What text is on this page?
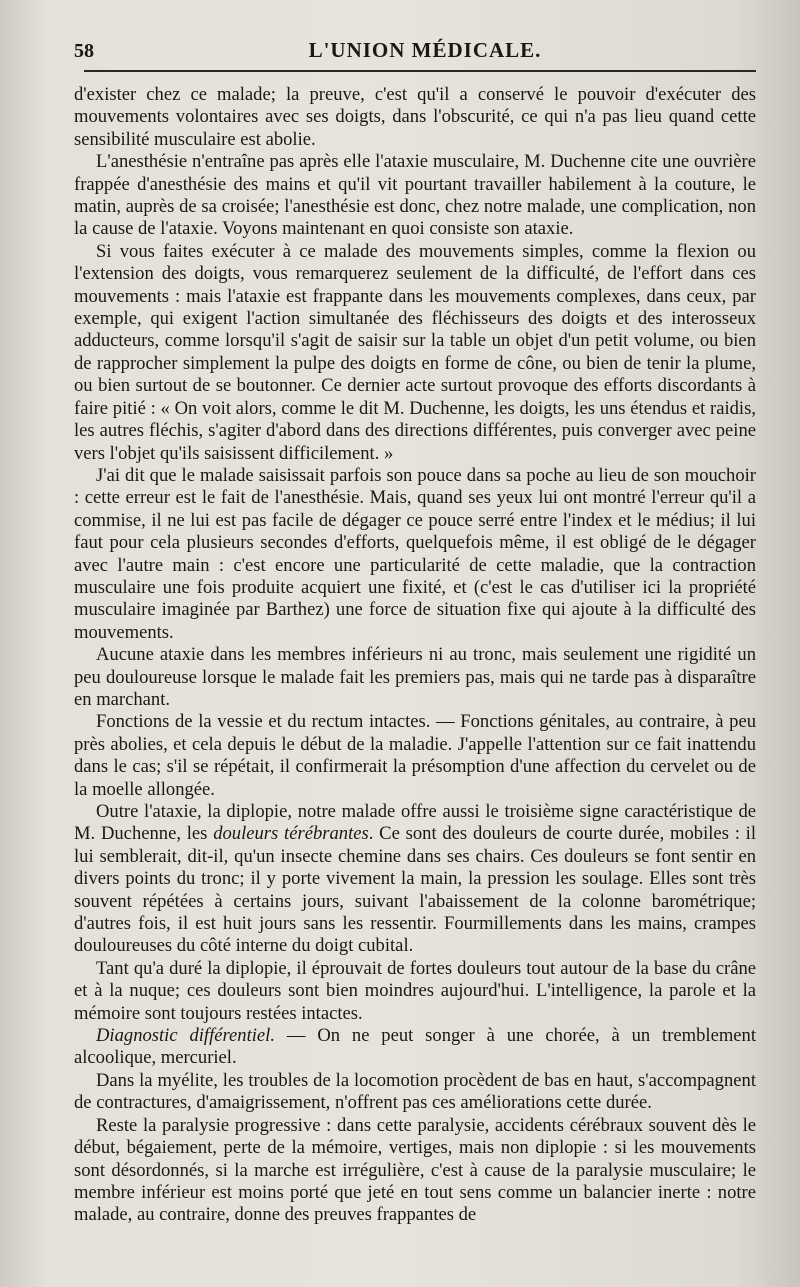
58	L'UNION MÉDICALE.

d'exister chez ce malade; la preuve, c'est qu'il a conservé le pouvoir d'exécuter des mouvements volontaires avec ses doigts, dans l'obscurité, ce qui n'a pas lieu quand cette sensibilité musculaire est abolie.

L'anesthésie n'entraîne pas après elle l'ataxie musculaire, M. Duchenne cite une ouvrière frappée d'anesthésie des mains et qu'il vit pourtant travailler habilement à la couture, le matin, auprès de sa croisée; l'anesthésie est donc, chez notre malade, une complication, non la cause de l'ataxie. Voyons maintenant en quoi consiste son ataxie.

Si vous faites exécuter à ce malade des mouvements simples, comme la flexion ou l'extension des doigts, vous remarquerez seulement de la difficulté, de l'effort dans ces mouvements : mais l'ataxie est frappante dans les mouvements complexes, dans ceux, par exemple, qui exigent l'action simultanée des fléchisseurs des doigts et des interosseux adducteurs, comme lorsqu'il s'agit de saisir sur la table un objet d'un petit volume, ou bien de rapprocher simplement la pulpe des doigts en forme de cône, ou bien de tenir la plume, ou bien surtout de se boutonner. Ce dernier acte surtout provoque des efforts discordants à faire pitié : « On voit alors, comme le dit M. Duchenne, les doigts, les uns étendus et raidis, les autres fléchis, s'agiter d'abord dans des directions différentes, puis converger avec peine vers l'objet qu'ils saisissent difficilement. »

J'ai dit que le malade saisissait parfois son pouce dans sa poche au lieu de son mouchoir : cette erreur est le fait de l'anesthésie. Mais, quand ses yeux lui ont montré l'erreur qu'il a commise, il ne lui est pas facile de dégager ce pouce serré entre l'index et le médius; il lui faut pour cela plusieurs secondes d'efforts, quelquefois même, il est obligé de le dégager avec l'autre main : c'est encore une particularité de cette maladie, que la contraction musculaire une fois produite acquiert une fixité, et (c'est le cas d'utiliser ici la propriété musculaire imaginée par Barthez) une force de situation fixe qui ajoute à la difficulté des mouvements.

Aucune ataxie dans les membres inférieurs ni au tronc, mais seulement une rigidité un peu douloureuse lorsque le malade fait les premiers pas, mais qui ne tarde pas à disparaître en marchant.

Fonctions de la vessie et du rectum intactes. — Fonctions génitales, au contraire, à peu près abolies, et cela depuis le début de la maladie. J'appelle l'attention sur ce fait inattendu dans le cas; s'il se répétait, il confirmerait la présomption d'une affection du cervelet ou de la moelle allongée.

Outre l'ataxie, la diplopie, notre malade offre aussi le troisième signe caractéristique de M. Duchenne, les douleurs térébrantes. Ce sont des douleurs de courte durée, mobiles : il lui semblerait, dit-il, qu'un insecte chemine dans ses chairs. Ces douleurs se font sentir en divers points du tronc; il y porte vivement la main, la pression les soulage. Elles sont très souvent répétées à certains jours, suivant l'abaissement de la colonne barométrique; d'autres fois, il est huit jours sans les ressentir. Fourmillements dans les mains, crampes douloureuses du côté interne du doigt cubital.

Tant qu'a duré la diplopie, il éprouvait de fortes douleurs tout autour de la base du crâne et à la nuque; ces douleurs sont bien moindres aujourd'hui. L'intelligence, la parole et la mémoire sont toujours restées intactes.

Diagnostic différentiel. — On ne peut songer à une chorée, à un tremblement alcoolique, mercuriel.

Dans la myélite, les troubles de la locomotion procèdent de bas en haut, s'accompagnent de contractures, d'amaigrissement, n'offrent pas ces améliorations cette durée.

Reste la paralysie progressive : dans cette paralysie, accidents cérébraux souvent dès le début, bégaiement, perte de la mémoire, vertiges, mais non diplopie : si les mouvements sont désordonnés, si la marche est irrégulière, c'est à cause de la paralysie musculaire; le membre inférieur est moins porté que jeté en tout sens comme un balancier inerte : notre malade, au contraire, donne des preuves frappantes de
